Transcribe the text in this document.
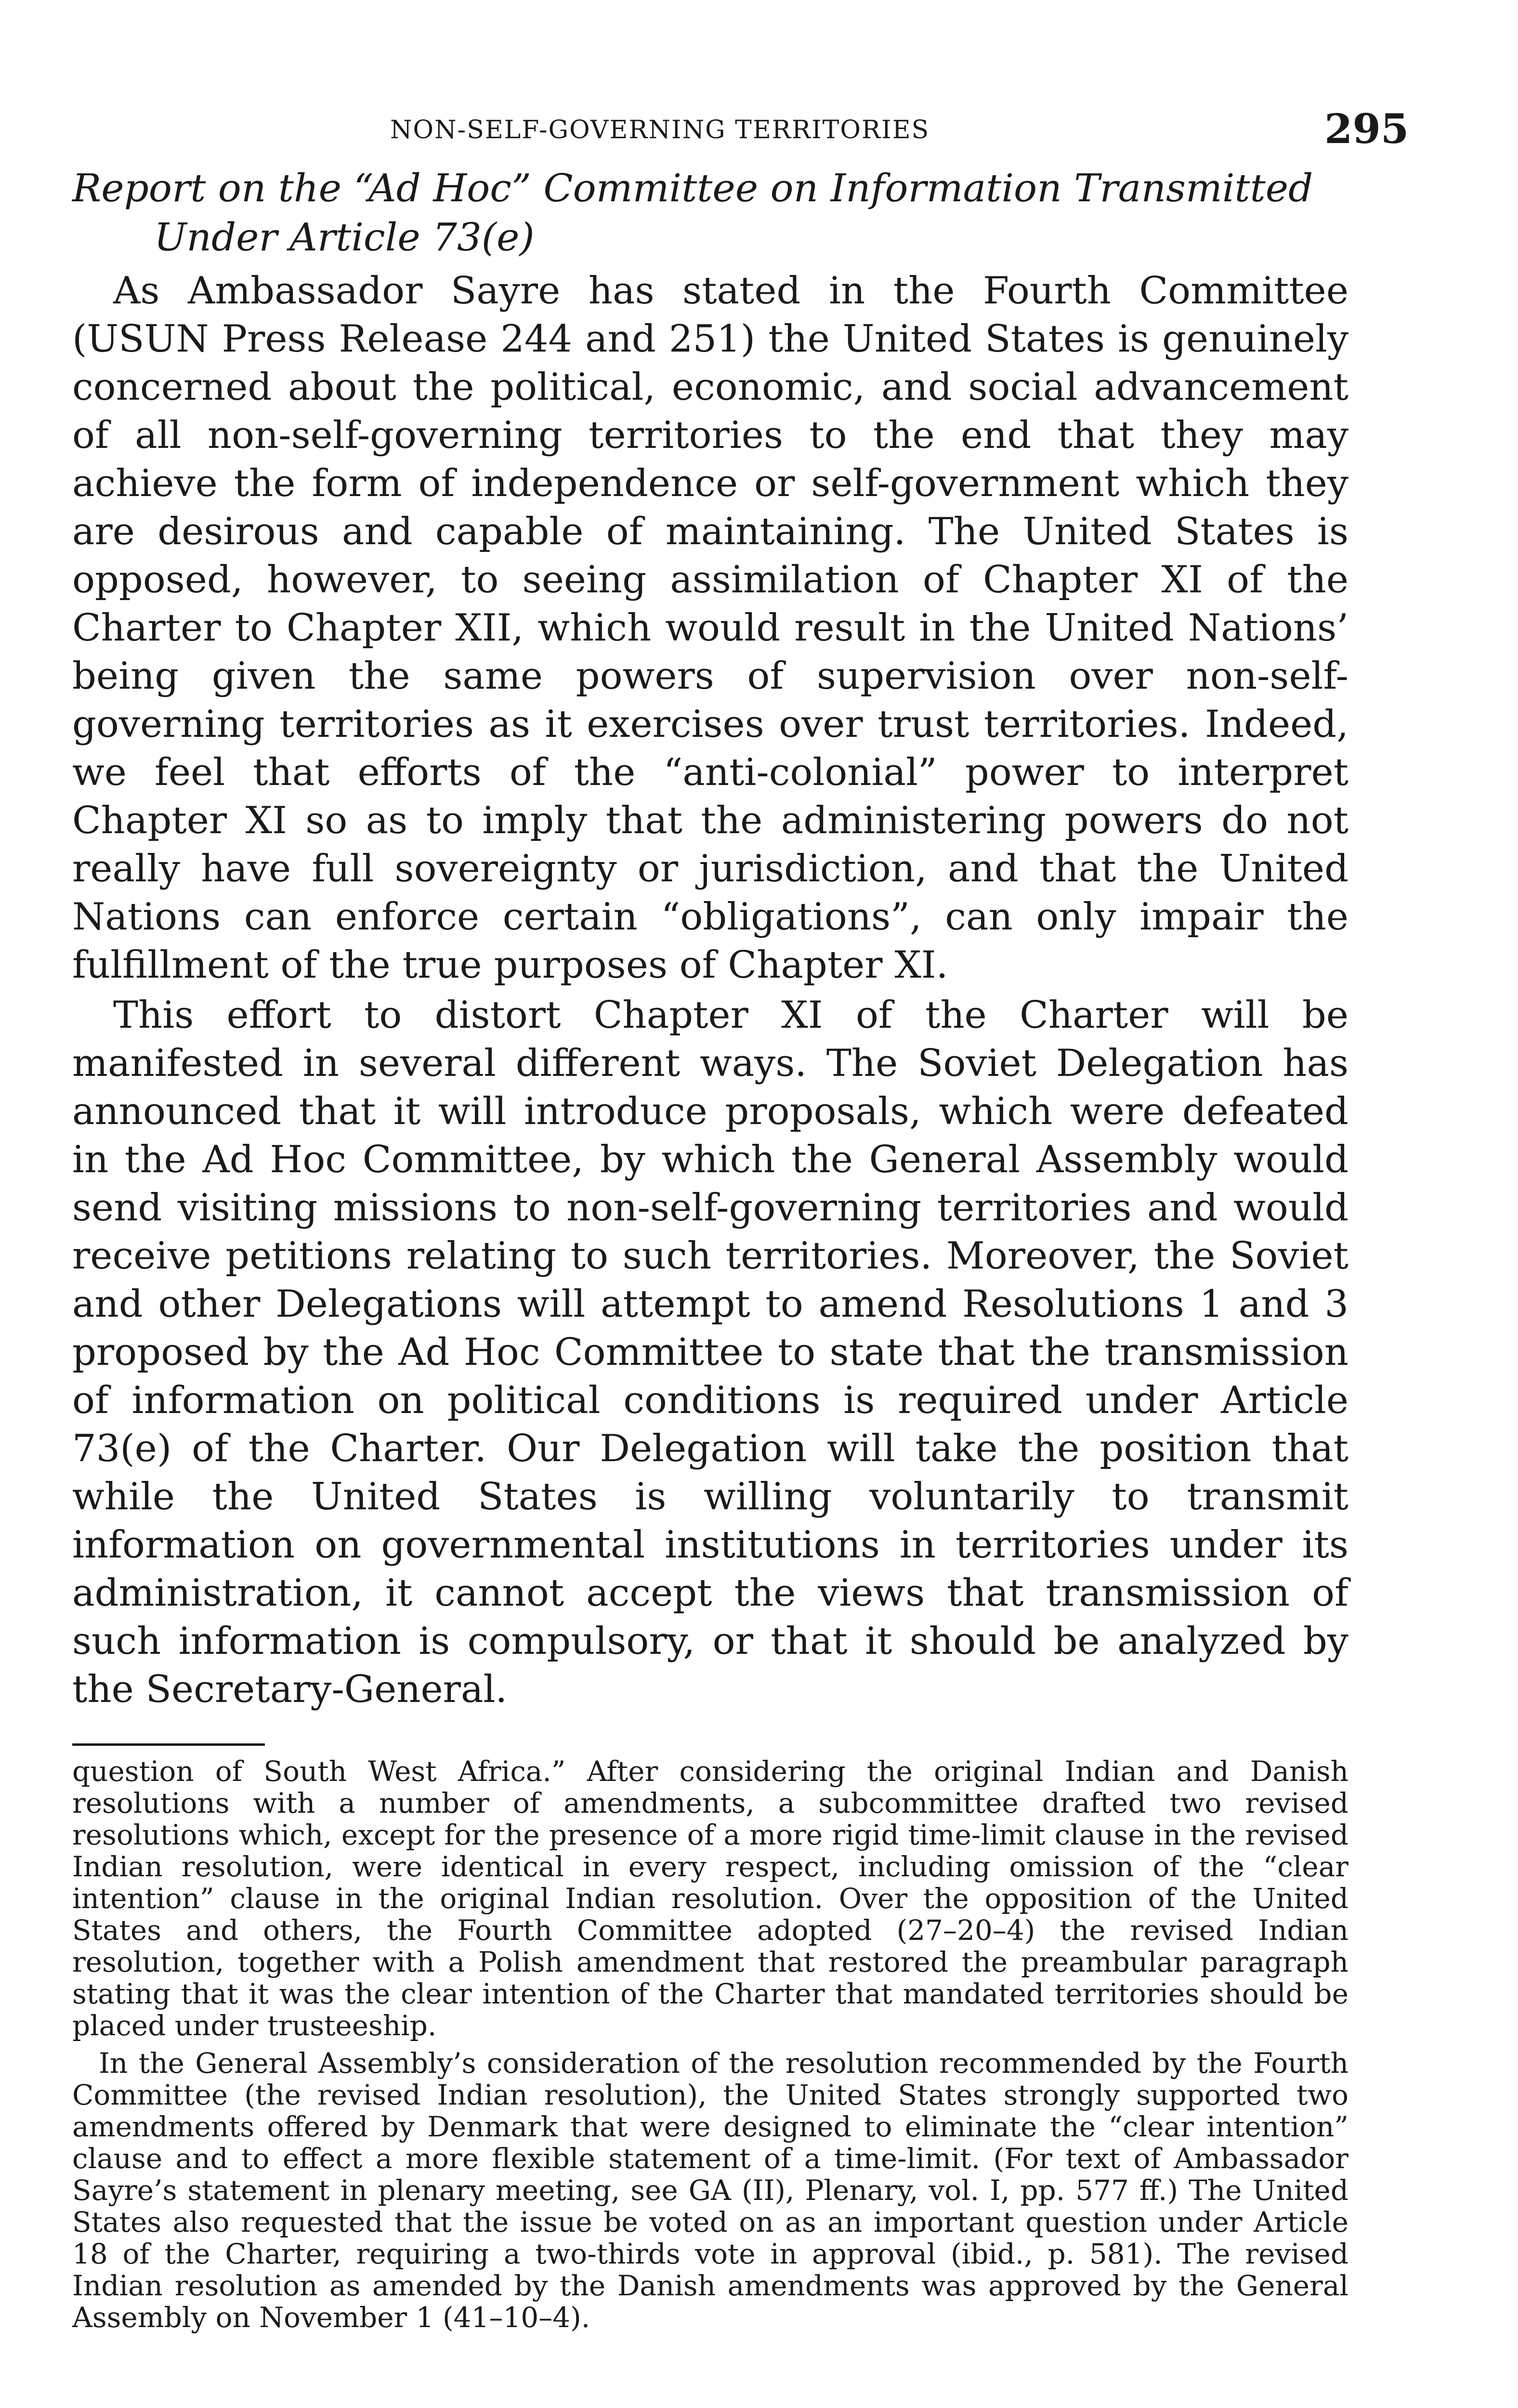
NON-SELF-GOVERNING TERRITORIES	295

Report on the “Ad Hoc” Committee on Information Transmitted Under Article 73(e)

As Ambassador Sayre has stated in the Fourth Committee (USUN Press Release 244 and 251) the United States is genuinely concerned about the political, economic, and social advancement of all non-self-governing territories to the end that they may achieve the form of independence or self-government which they are desirous and capable of maintaining. The United States is opposed, however, to seeing assimilation of Chapter XI of the Charter to Chapter XII, which would result in the United Nations’ being given the same powers of supervision over non-self-governing territories as it exercises over trust territories. Indeed, we feel that efforts of the “anti-colonial” power to interpret Chapter XI so as to imply that the administering powers do not really have full sovereignty or jurisdiction, and that the United Nations can enforce certain “obligations”, can only impair the fulfillment of the true purposes of Chapter XI.

This effort to distort Chapter XI of the Charter will be manifested in several different ways. The Soviet Delegation has announced that it will introduce proposals, which were defeated in the Ad Hoc Committee, by which the General Assembly would send visiting missions to non-self-governing territories and would receive petitions relating to such territories. Moreover, the Soviet and other Delegations will attempt to amend Resolutions 1 and 3 proposed by the Ad Hoc Committee to state that the transmission of information on political conditions is required under Article 73(e) of the Charter. Our Delegation will take the position that while the United States is willing voluntarily to transmit information on governmental institutions in territories under its administration, it cannot accept the views that transmission of such information is compulsory, or that it should be analyzed by the Secretary-General.

question of South West Africa.” After considering the original Indian and Danish resolutions with a number of amendments, a subcommittee drafted two revised resolutions which, except for the presence of a more rigid time-limit clause in the revised Indian resolution, were identical in every respect, including omission of the “clear intention” clause in the original Indian resolution. Over the opposition of the United States and others, the Fourth Committee adopted (27–20–4) the revised Indian resolution, together with a Polish amendment that restored the preambular paragraph stating that it was the clear intention of the Charter that mandated territories should be placed under trusteeship.

In the General Assembly’s consideration of the resolution recommended by the Fourth Committee (the revised Indian resolution), the United States strongly supported two amendments offered by Denmark that were designed to eliminate the “clear intention” clause and to effect a more flexible statement of a time-limit. (For text of Ambassador Sayre’s statement in plenary meeting, see GA (II), Plenary, vol. I, pp. 577 ff.) The United States also requested that the issue be voted on as an important question under Article 18 of the Charter, requiring a two-thirds vote in approval (ibid., p. 581). The revised Indian resolution as amended by the Danish amendments was approved by the General Assembly on November 1 (41–10–4).
